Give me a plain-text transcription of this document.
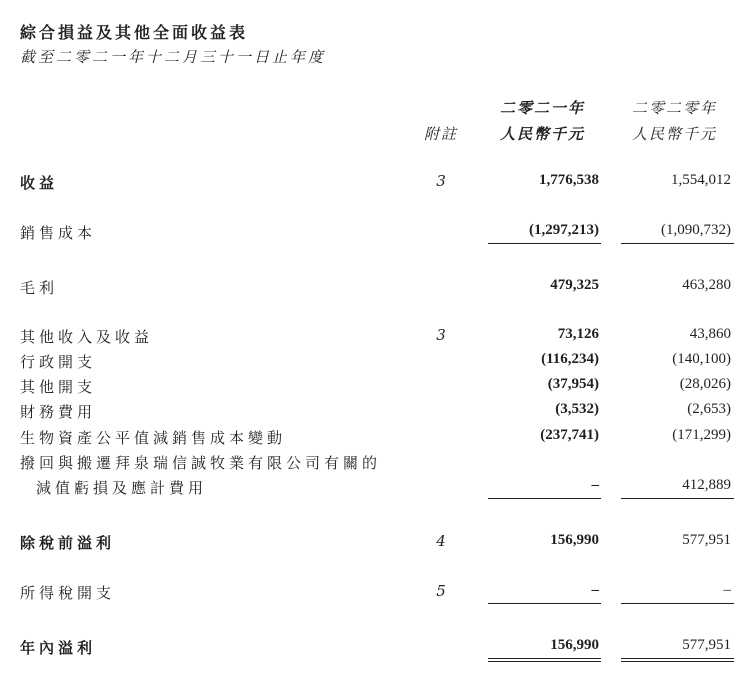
綜合損益及其他全面收益表
截至二零二一年十二月三十一日止年度
二零二一年	二零二零年
附註	人民幣千元	人民幣千元
收益	3	1,776,538	1,554,012
銷售成本	(1,297,213)	(1,090,732)
毛利	479,325	463,280
其他收入及收益	3	73,126	43,860
行政開支	(116,234)	(140,100)
其他開支	(37,954)	(28,026)
財務費用	(3,532)	(2,653)
生物資產公平值減銷售成本變動	(237,741)	(171,299)
撥回與搬遷拜泉瑞信誠牧業有限公司有關的
減值虧損及應計費用	–	412,889
除稅前溢利	4	156,990	577,951
所得稅開支	5	–	–
年內溢利	156,990	577,951
